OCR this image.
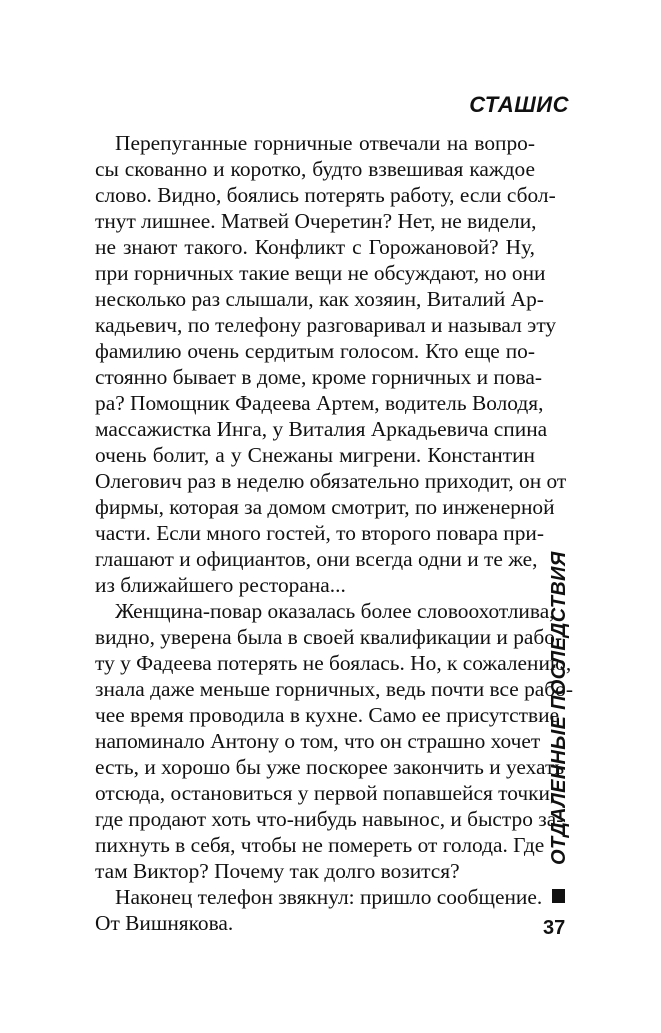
СТАШИС
Перепуганные горничные отвечали на вопро-
сы скованно и коротко, будто взвешивая каждое
слово. Видно, боялись потерять работу, если сбол-
тнут лишнее. Матвей Очеретин? Нет, не видели,
не знают такого. Конфликт с Горожановой? Ну,
при горничных такие вещи не обсуждают, но они
несколько раз слышали, как хозяин, Виталий Ар-
кадьевич, по телефону разговаривал и называл эту
фамилию очень сердитым голосом. Кто еще по-
стоянно бывает в доме, кроме горничных и пова-
ра? Помощник Фадеева Артем, водитель Володя,
массажистка Инга, у Виталия Аркадьевича спина
очень болит, а у Снежаны мигрени. Константин
Олегович раз в неделю обязательно приходит, он от
фирмы, которая за домом смотрит, по инженерной
части. Если много гостей, то второго повара при-
глашают и официантов, они всегда одни и те же,
из ближайшего ресторана...
Женщина-повар оказалась более словоохотлива,
видно, уверена была в своей квалификации и рабо-
ту у Фадеева потерять не боялась. Но, к сожалению,
знала даже меньше горничных, ведь почти все рабо-
чее время проводила в кухне. Само ее присутствие
напоминало Антону о том, что он страшно хочет
есть, и хорошо бы уже поскорее закончить и уехать
отсюда, остановиться у первой попавшейся точки,
где продают хоть что-нибудь навынос, и быстро за-
пихнуть в себя, чтобы не помереть от голода. Где
там Виктор? Почему так долго возится?
Наконец телефон звякнул: пришло сообщение.
От Вишнякова.
ОТДАЛЕННЫЕ ПОСЛЕДСТВИЯ
37
